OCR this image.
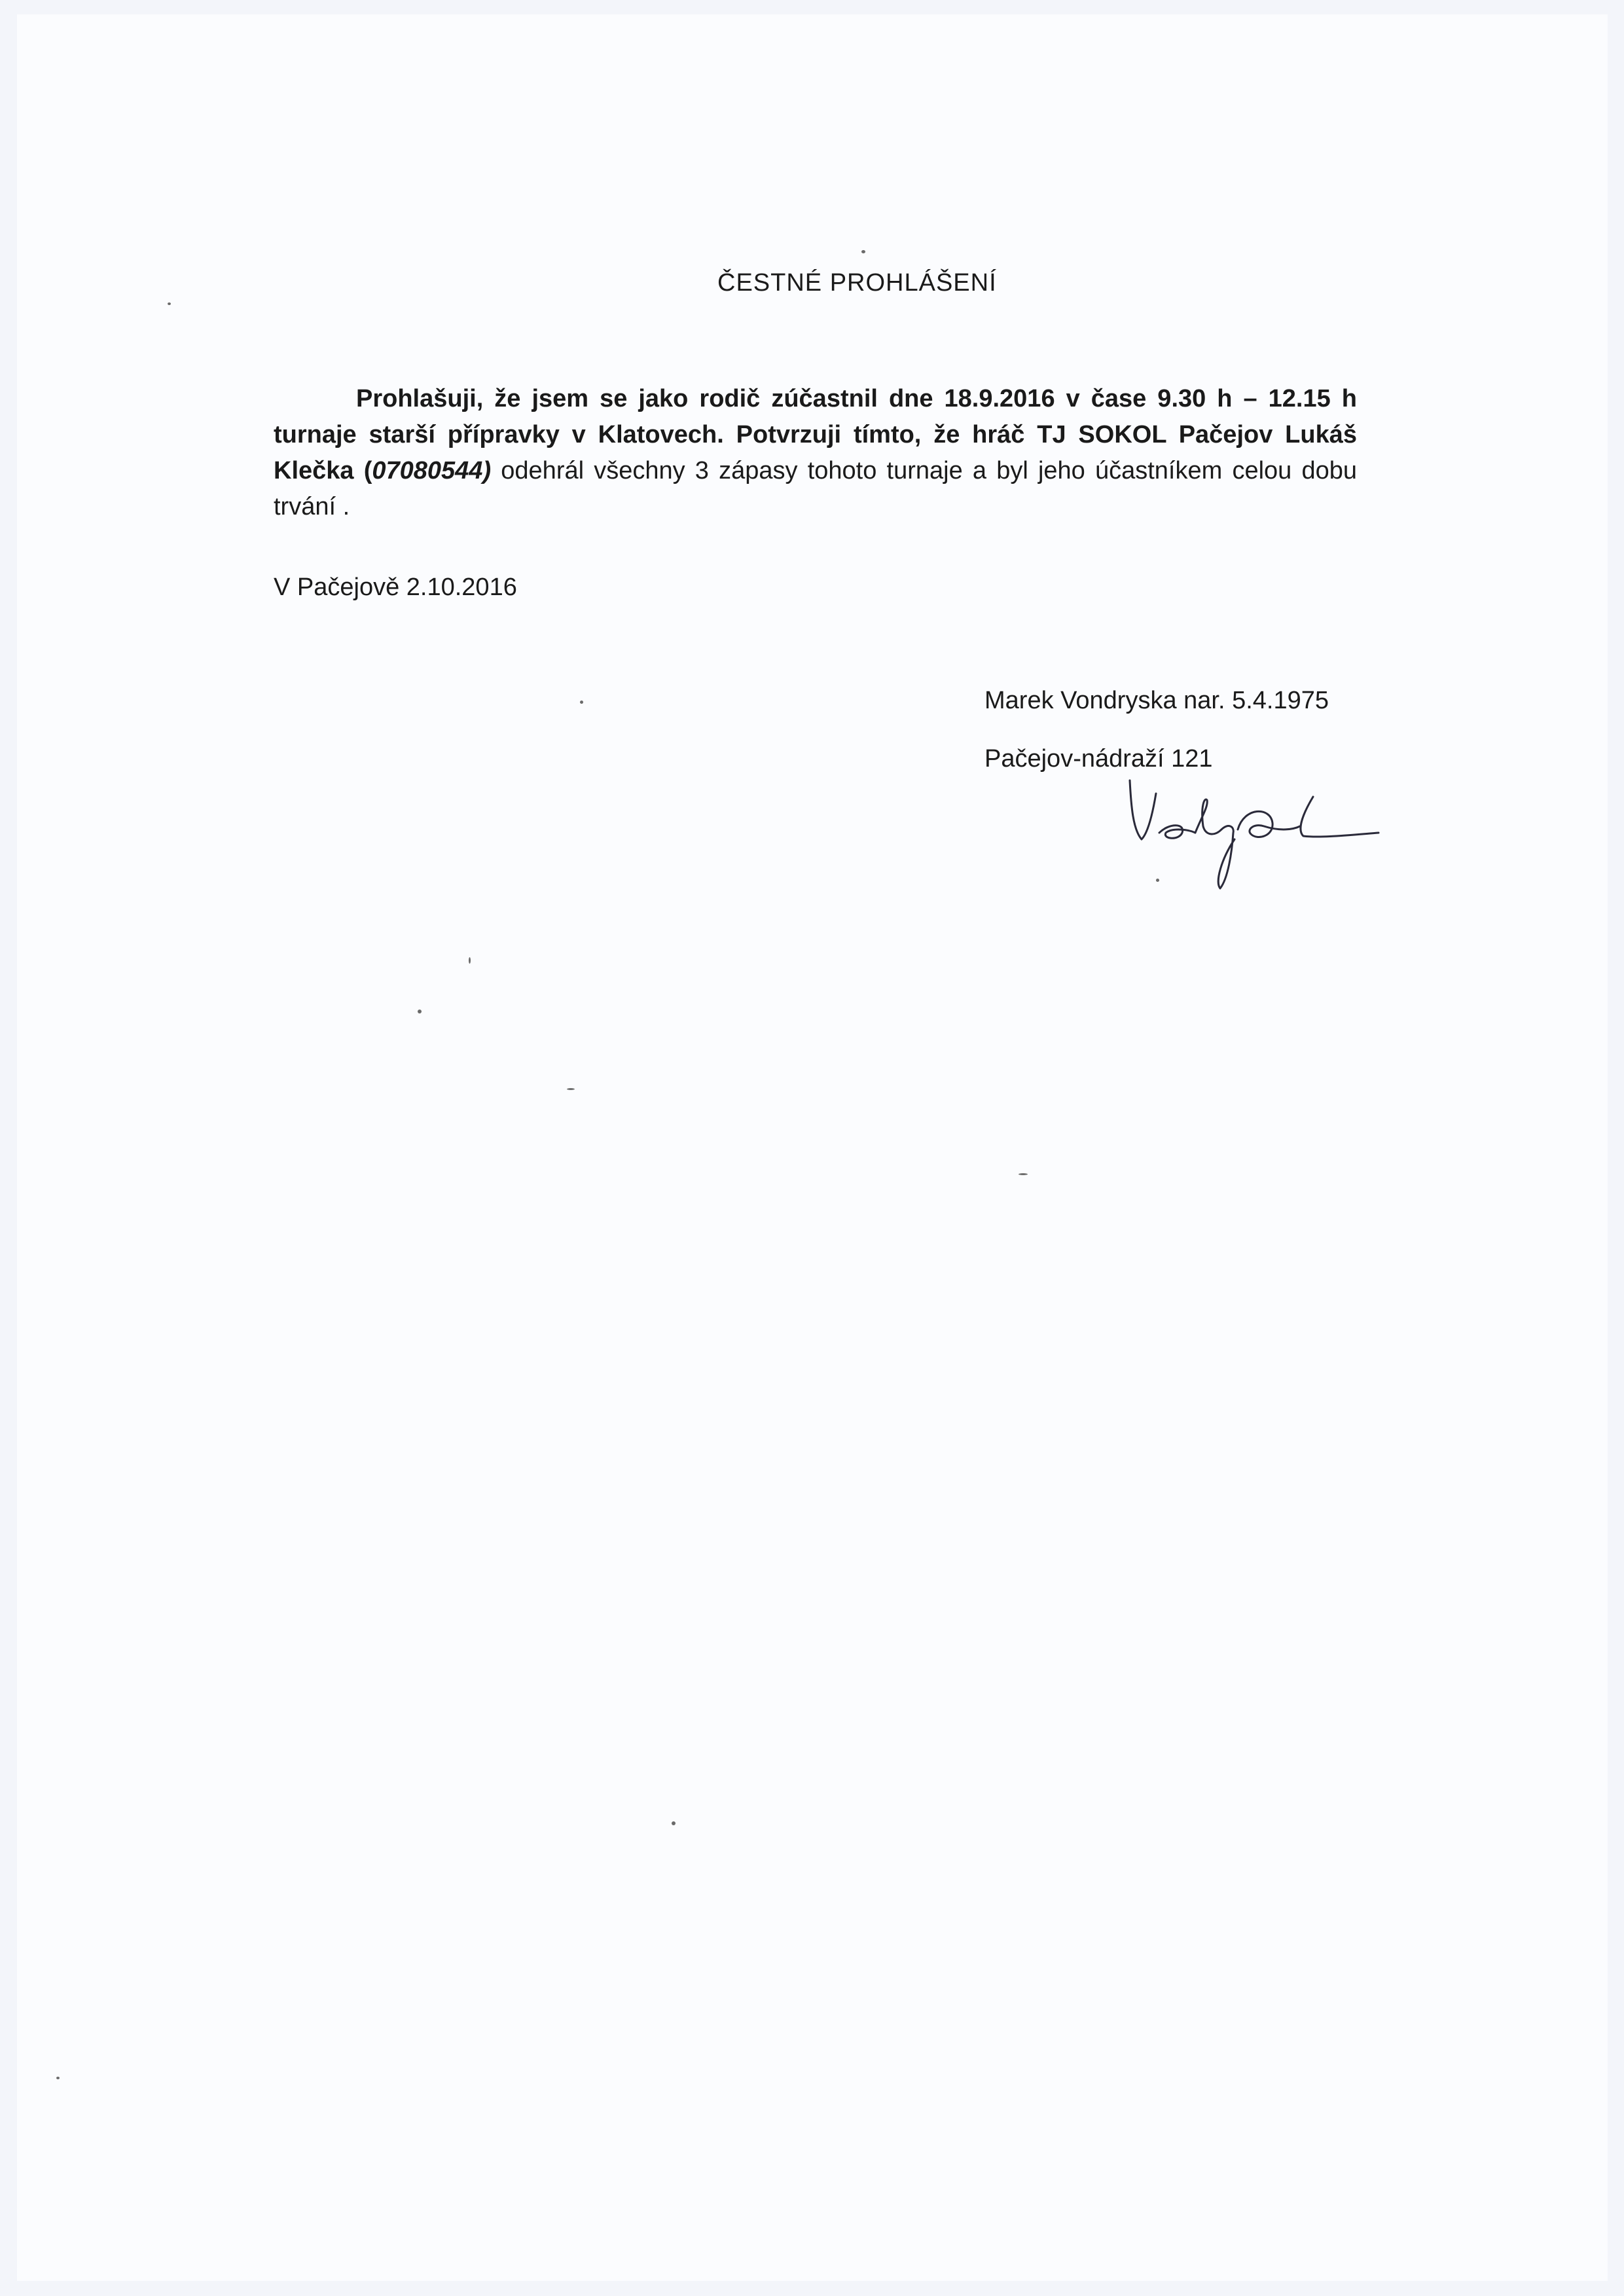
ČESTNÉ PROHLÁŠENÍ

Prohlašuji, že jsem se jako rodič zúčastnil dne 18.9.2016 v čase 9.30 h – 12.15 h turnaje starší přípravky v Klatovech. Potvrzuji tímto, že hráč TJ SOKOL Pačejov Lukáš Klečka (07080544) odehrál všechny 3 zápasy tohoto turnaje a byl jeho účastníkem celou dobu trvání .

V Pačejově 2.10.2016

Marek Vondryska nar. 5.4.1975

Pačejov-nádraží 121
